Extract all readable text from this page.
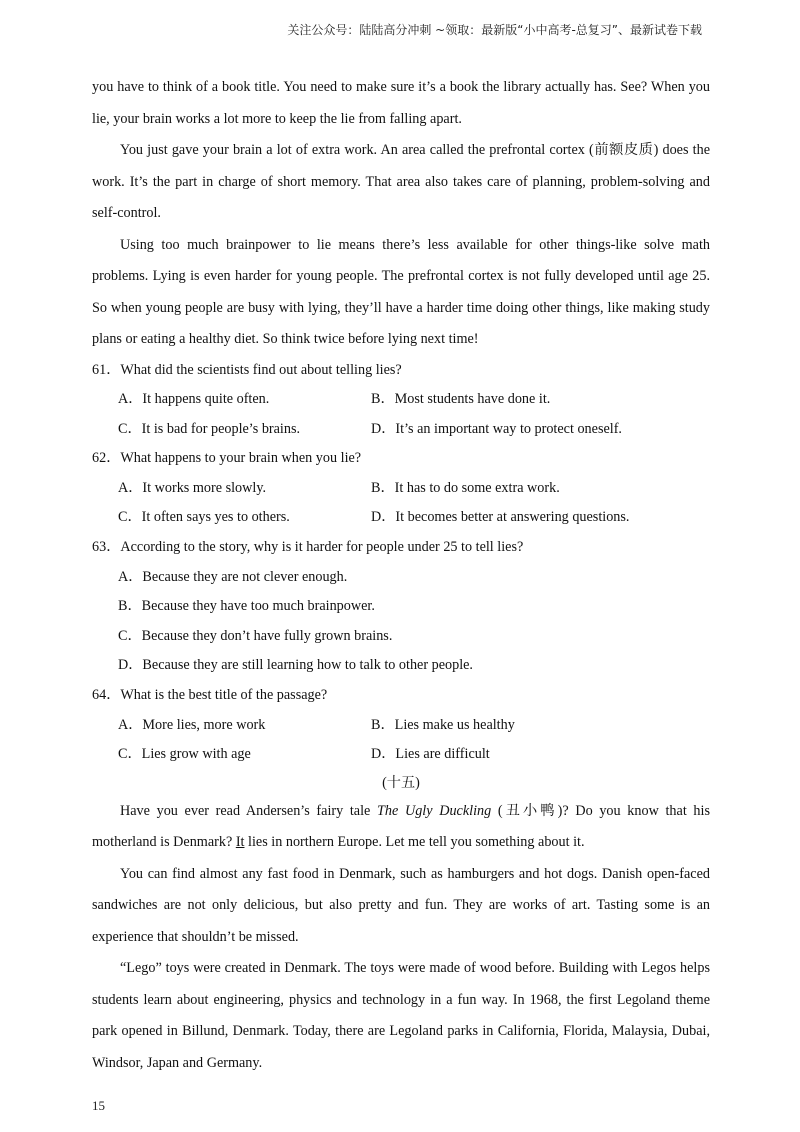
关注公众号：陆陆高分冲刺 ~领取：最新版“小中高考-总复习”、最新试卷下载

you have to think of a book title. You need to make sure it’s a book the library actually has. See? When you lie, your brain works a lot more to keep the lie from falling apart.

You just gave your brain a lot of extra work. An area called the prefrontal cortex (前额皮质) does the work. It’s the part in charge of short memory. That area also takes care of planning, problem-solving and self-control.

Using too much brainpower to lie means there’s less available for other things-like solve math problems. Lying is even harder for young people. The prefrontal cortex is not fully developed until age 25. So when young people are busy with lying, they’ll have a harder time doing other things, like making study plans or eating a healthy diet. So think twice before lying next time!

61．What did the scientists find out about telling lies?

A．It happens quite often.	B．Most students have done it.
C．It is bad for people’s brains.	D．It’s an important way to protect oneself.

62．What happens to your brain when you lie?

A．It works more slowly.	B．It has to do some extra work.
C．It often says yes to others.	D．It becomes better at answering questions.

63．According to the story, why is it harder for people under 25 to tell lies?

A．Because they are not clever enough.
B．Because they have too much brainpower.
C．Because they don’t have fully grown brains.
D．Because they are still learning how to talk to other people.

64．What is the best title of the passage?

A．More lies, more work	B．Lies make us healthy
C．Lies grow with age	D．Lies are difficult

(十五)

Have you ever read Andersen’s fairy tale The Ugly Duckling (丑小鸭)? Do you know that his motherland is Denmark? It lies in northern Europe. Let me tell you something about it.

You can find almost any fast food in Denmark, such as hamburgers and hot dogs. Danish open-faced sandwiches are not only delicious, but also pretty and fun. They are works of art. Tasting some is an experience that shouldn’t be missed.

“Lego” toys were created in Denmark. The toys were made of wood before. Building with Legos helps students learn about engineering, physics and technology in a fun way. In 1968, the first Legoland theme park opened in Billund, Denmark. Today, there are Legoland parks in California, Florida, Malaysia, Dubai, Windsor, Japan and Germany.

15
